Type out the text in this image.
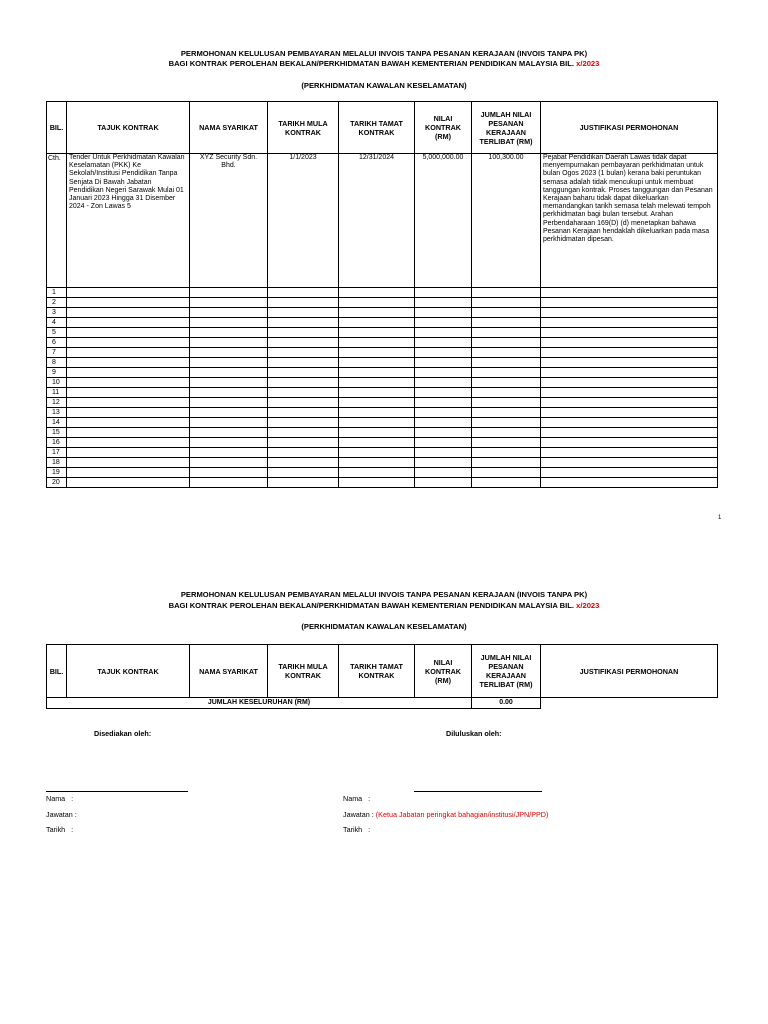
PERMOHONAN KELULUSAN PEMBAYARAN MELALUI INVOIS TANPA PESANAN KERAJAAN (INVOIS TANPA PK)
BAGI KONTRAK PEROLEHAN BEKALAN/PERKHIDMATAN BAWAH KEMENTERIAN PENDIDIKAN MALAYSIA BIL. x/2023
(PERKHIDMATAN KAWALAN KESELAMATAN)
BIL.	TAJUK KONTRAK	NAMA SYARIKAT	TARIKH MULA KONTRAK	TARIKH TAMAT KONTRAK	NILAI KONTRAK (RM)	JUMLAH NILAI PESANAN KERAJAAN TERLIBAT (RM)	JUSTIFIKASI PERMOHONAN
Cth.	Tender Untuk Perkhidmatan Kawalan Keselamatan (PKK) Ke Sekolah/Institusi Pendidikan Tanpa Senjata Di Bawah Jabatan Pendidikan Negeri Sarawak Mulai 01 Januari 2023 Hingga 31 Disember 2024 - Zon Lawas 5	XYZ Security Sdn. Bhd.	1/1/2023	12/31/2024	5,000,000.00	100,300.00	Pejabat Pendidikan Daerah Lawas tidak dapat menyempurnakan pembayaran perkhidmatan untuk bulan Ogos 2023 (1 bulan) kerana baki peruntukan semasa adalah tidak mencukupi untuk membuat tanggungan kontrak. Proses tanggungan dan Pesanan Kerajaan baharu tidak dapat dikeluarkan memandangkan tarikh semasa telah melewati tempoh perkhidmatan bagi bulan tersebut. Arahan Perbendaharaan 169(D) (d) menetapkan bahawa Pesanan Kerajaan hendaklah dikeluarkan pada masa perkhidmatan dipesan.
1							
2							
3							
4							
5							
6							
7							
8							
9							
10							
11							
12							
13							
14							
15							
16							
17							
18							
19							
20							
1
PERMOHONAN KELULUSAN PEMBAYARAN MELALUI INVOIS TANPA PESANAN KERAJAAN (INVOIS TANPA PK)
BAGI KONTRAK PEROLEHAN BEKALAN/PERKHIDMATAN BAWAH KEMENTERIAN PENDIDIKAN MALAYSIA BIL. x/2023
(PERKHIDMATAN KAWALAN KESELAMATAN)
BIL.	TAJUK KONTRAK	NAMA SYARIKAT	TARIKH MULA KONTRAK	TARIKH TAMAT KONTRAK	NILAI KONTRAK (RM)	JUMLAH NILAI PESANAN KERAJAAN TERLIBAT (RM)	JUSTIFIKASI PERMOHONAN
JUMLAH KESELURUHAN (RM)						0.00	
Disediakan oleh:	Diluluskan oleh:
Nama   :
Jawatan :
Tarikh   :
Nama   :
Jawatan : (Ketua Jabatan peringkat bahagian/institusi/JPN/PPD)
Tarikh   :
